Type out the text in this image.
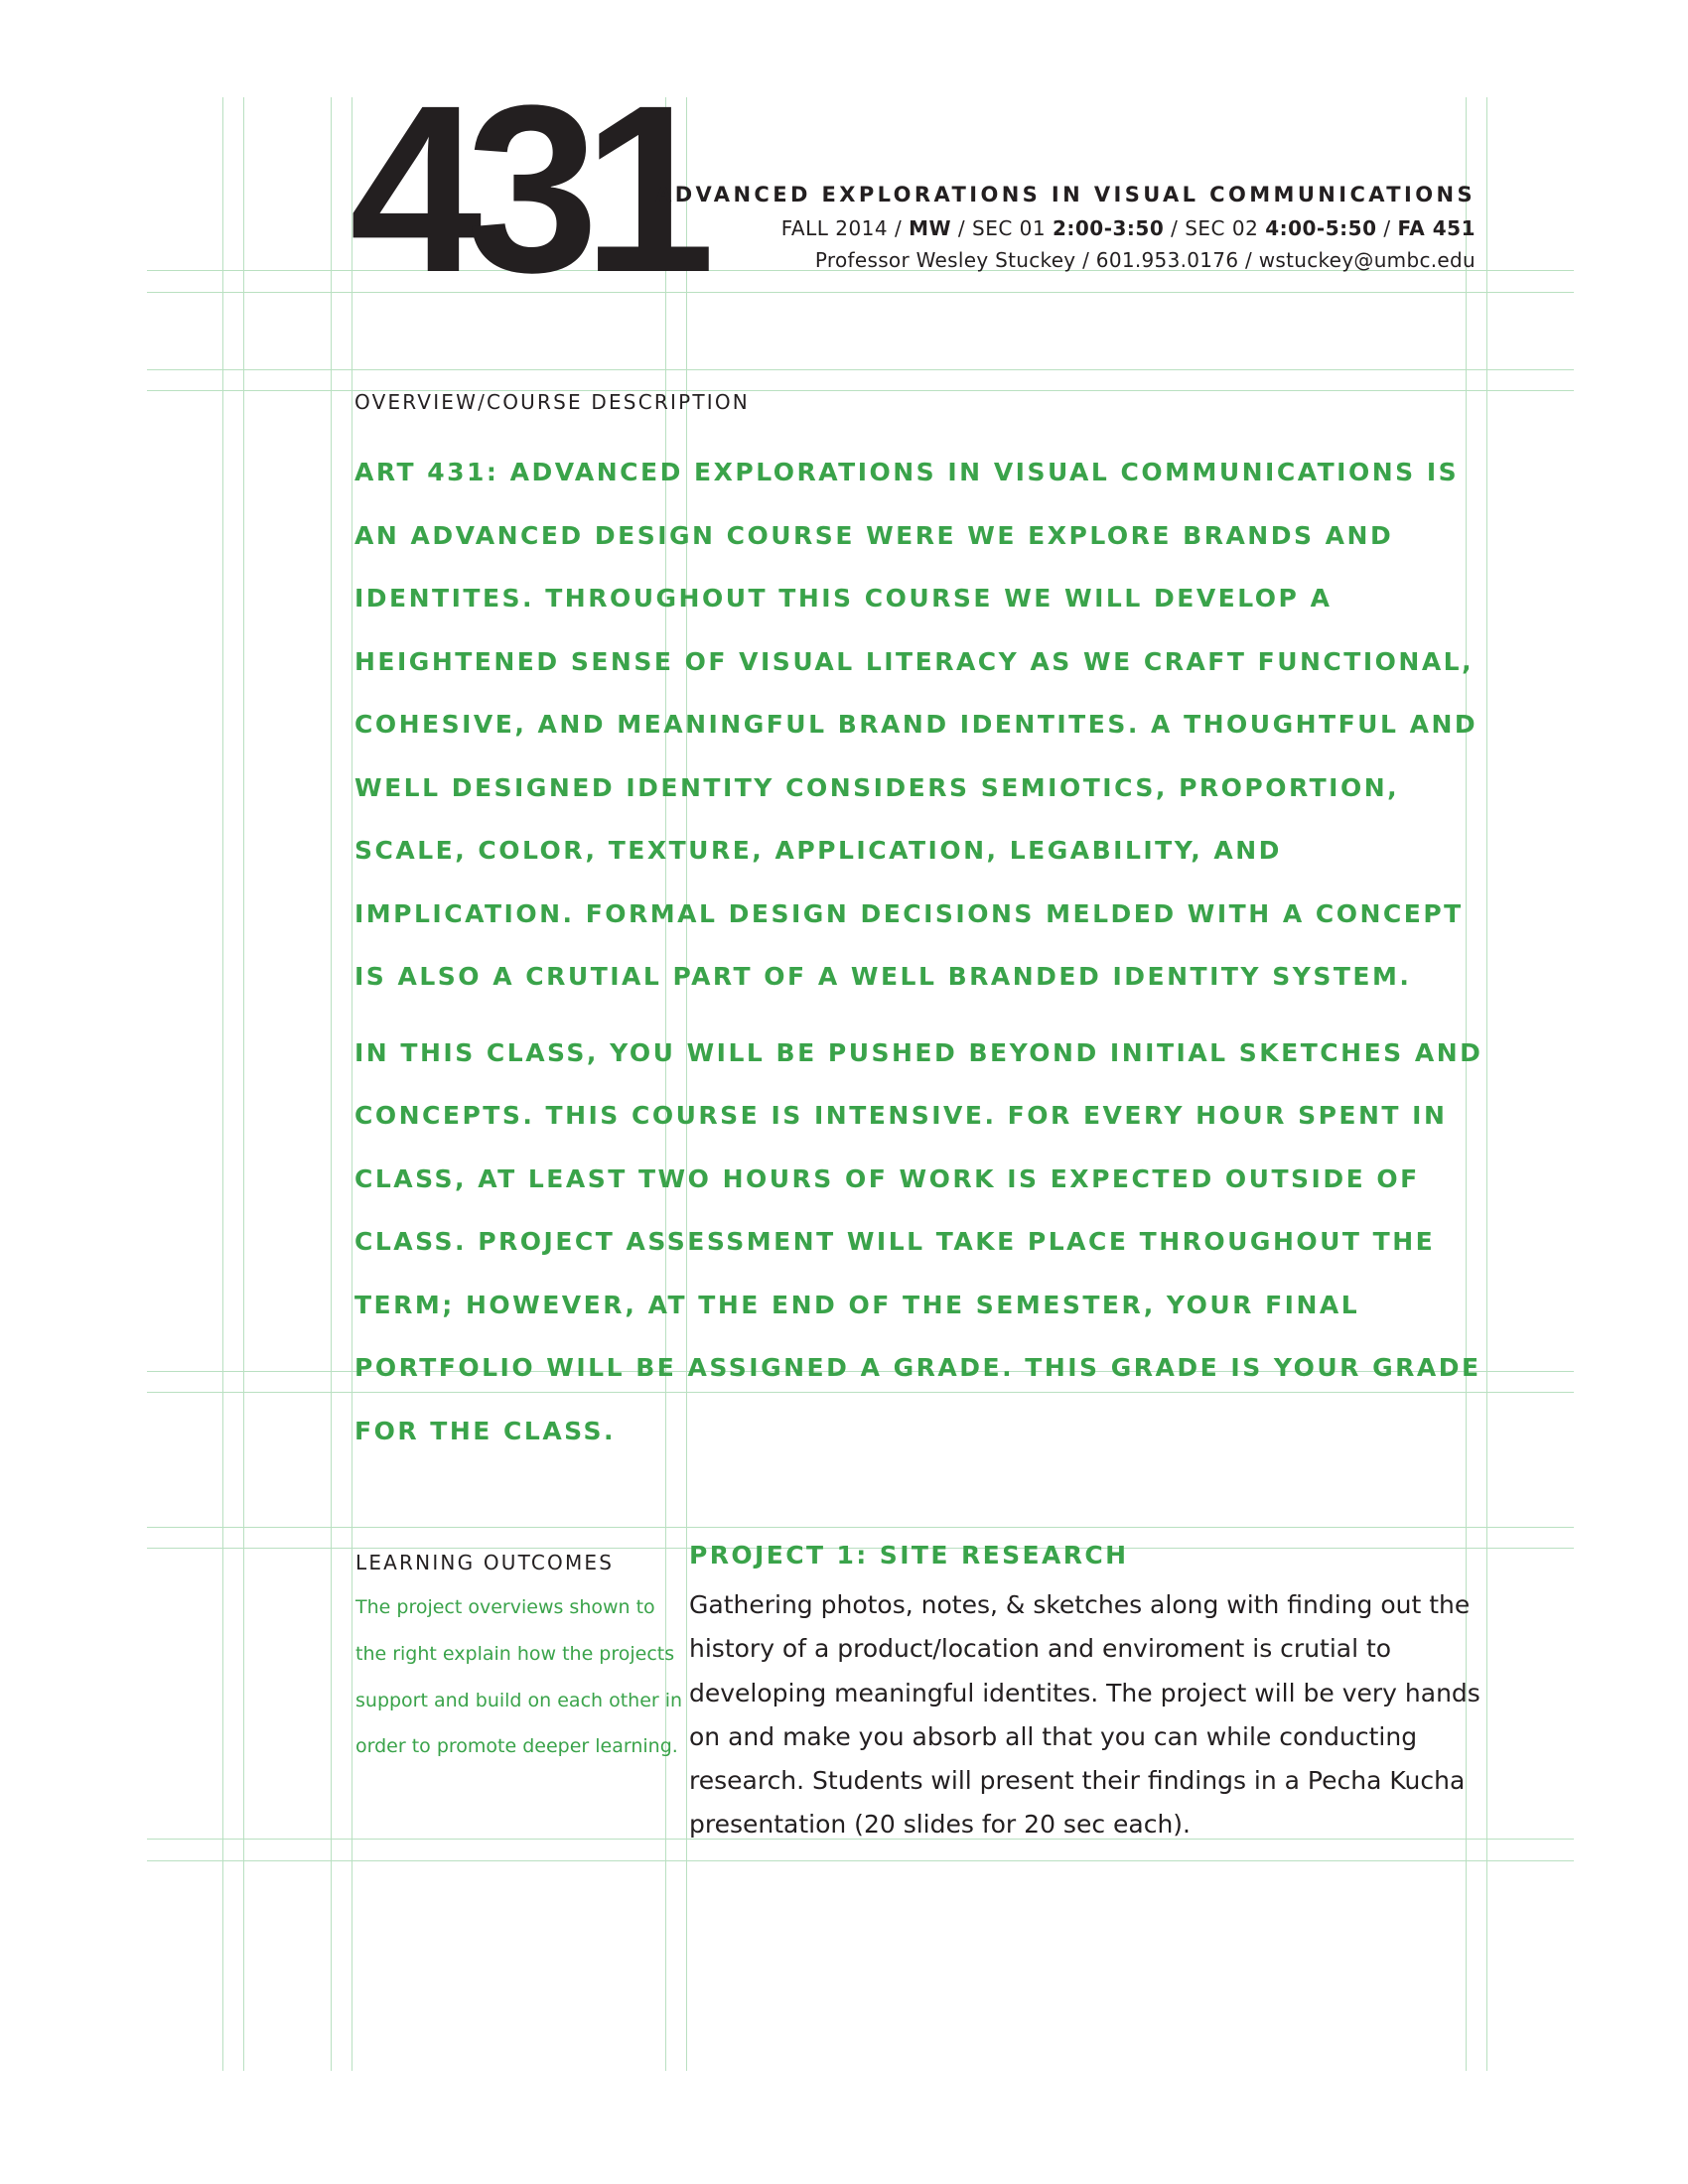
431
ADVANCED EXPLORATIONS IN VISUAL COMMUNICATIONS
FALL 2014 / MW / SEC 01 2:00-3:50 / SEC 02 4:00-5:50 / FA 451
Professor Wesley Stuckey / 601.953.0176 / wstuckey@umbc.edu
OVERVIEW/COURSE DESCRIPTION

ART 431: ADVANCED EXPLORATIONS IN VISUAL COMMUNICATIONS IS AN ADVANCED DESIGN COURSE WERE WE EXPLORE BRANDS AND IDENTITES. THROUGHOUT THIS COURSE WE WILL DEVELOP A HEIGHTENED SENSE OF VISUAL LITERACY AS WE CRAFT FUNCTIONAL, COHESIVE, AND MEANINGFUL BRAND IDENTITES. A THOUGHTFUL AND WELL DESIGNED IDENTITY CONSIDERS SEMIOTICS, PROPORTION, SCALE, COLOR, TEXTURE, APPLICATION, LEGABILITY, AND IMPLICATION. FORMAL DESIGN DECISIONS MELDED WITH A CONCEPT IS ALSO A CRUTIAL PART OF A WELL BRANDED IDENTITY SYSTEM.

IN THIS CLASS, YOU WILL BE PUSHED BEYOND INITIAL SKETCHES AND CONCEPTS. THIS COURSE IS INTENSIVE. FOR EVERY HOUR SPENT IN CLASS, AT LEAST TWO HOURS OF WORK IS EXPECTED OUTSIDE OF CLASS. PROJECT ASSESSMENT WILL TAKE PLACE THROUGHOUT THE TERM; HOWEVER, AT THE END OF THE SEMESTER, YOUR FINAL PORTFOLIO WILL BE ASSIGNED A GRADE. THIS GRADE IS YOUR GRADE FOR THE CLASS.

LEARNING OUTCOMES
The project overviews shown to the right explain how the projects support and build on each other in order to promote deeper learning.
PROJECT 1: SITE RESEARCH
Gathering photos, notes, & sketches along with finding out the history of a product/location and enviroment is crutial to developing meaningful identites. The project will be very hands on and make you absorb all that you can while conducting research. Students will present their findings in a Pecha Kucha presentation (20 slides for 20 sec each).
